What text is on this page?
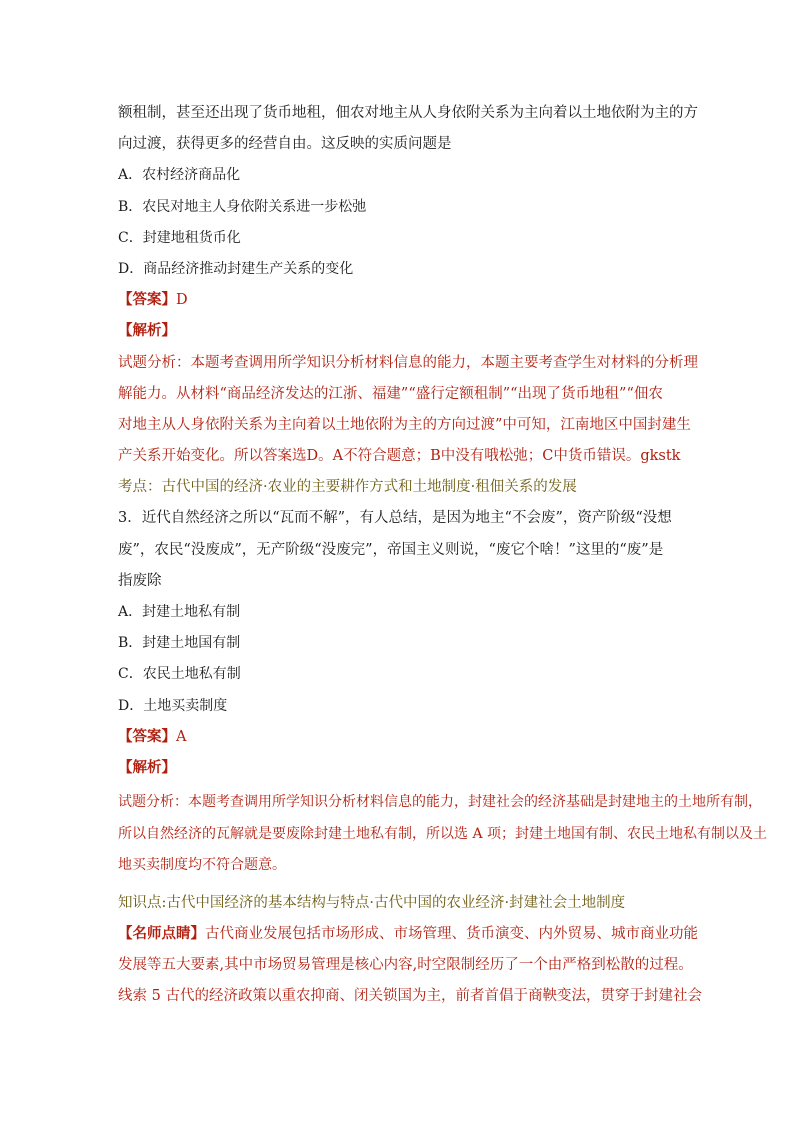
额租制，甚至还出现了货币地租，佃农对地主从人身依附关系为主向着以土地依附为主的方
向过渡，获得更多的经营自由。这反映的实质问题是
A．农村经济商品化
B．农民对地主人身依附关系进一步松弛
C．封建地租货币化
D．商品经济推动封建生产关系的变化
【答案】D
【解析】
试题分析：本题考查调用所学知识分析材料信息的能力，本题主要考查学生对材料的分析理
解能力。从材料“商品经济发达的江浙、福建”“盛行定额租制”“出现了货币地租”“佃农
对地主从人身依附关系为主向着以土地依附为主的方向过渡”中可知，江南地区中国封建生
产关系开始变化。所以答案选D。A不符合题意；B中没有哦松弛；C中货币错误。gkstk
考点：古代中国的经济·农业的主要耕作方式和土地制度·租佃关系的发展
3．近代自然经济之所以“瓦而不解”，有人总结，是因为地主“不会废”，资产阶级“没想
废”，农民“没废成”，无产阶级“没废完”，帝国主义则说，“废它个啥！”这里的“废”是
指废除
A．封建土地私有制
B．封建土地国有制
C．农民土地私有制
D．土地买卖制度
【答案】A
【解析】
试题分析：本题考查调用所学知识分析材料信息的能力，封建社会的经济基础是封建地主的土地所有制，
所以自然经济的瓦解就是要废除封建土地私有制，所以选 A 项；封建土地国有制、农民土地私有制以及土
地买卖制度均不符合题意。
知识点:古代中国经济的基本结构与特点·古代中国的农业经济·封建社会土地制度
【名师点睛】古代商业发展包括市场形成、市场管理、货币演变、内外贸易、城市商业功能
发展等五大要素,其中市场贸易管理是核心内容,时空限制经历了一个由严格到松散的过程。
线索 5 古代的经济政策以重农抑商、闭关锁国为主，前者首倡于商鞅变法，贯穿于封建社会
